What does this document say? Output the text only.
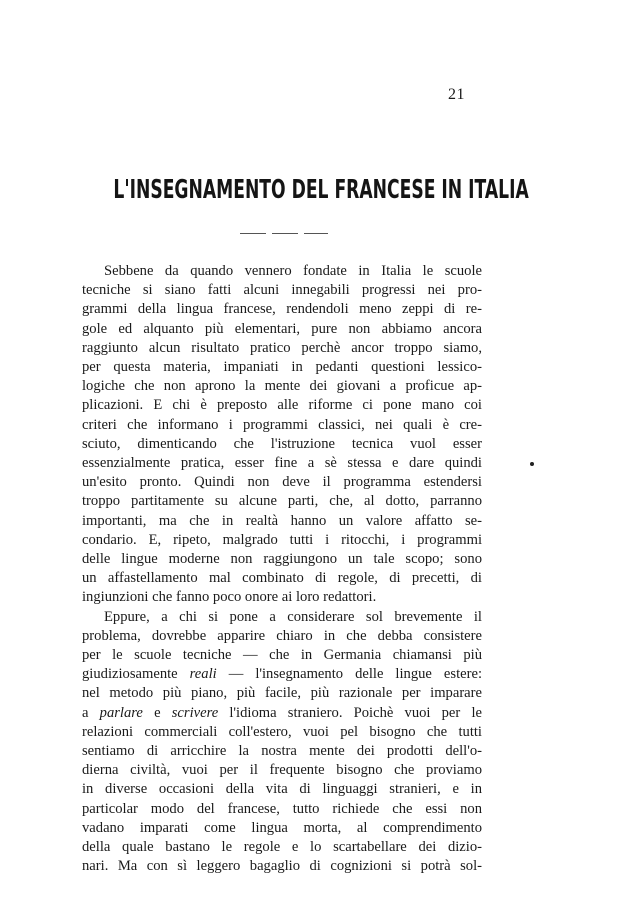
21
L'INSEGNAMENTO DEL FRANCESE IN ITALIA
Sebbene da quando vennero fondate in Italia le scuole
tecniche si siano fatti alcuni innegabili progressi nei pro-
grammi della lingua francese, rendendoli meno zeppi di re-
gole ed alquanto più elementari, pure non abbiamo ancora
raggiunto alcun risultato pratico perchè ancor troppo siamo,
per questa materia, impaniati in pedanti questioni lessico-
logiche che non aprono la mente dei giovani a proficue ap-
plicazioni. E chi è preposto alle riforme ci pone mano coi
criteri che informano i programmi classici, nei quali è cre-
sciuto, dimenticando che l'istruzione tecnica vuol esser
essenzialmente pratica, esser fine a sè stessa e dare quindi
un'esito pronto. Quindi non deve il programma estendersi
troppo partitamente su alcune parti, che, al dotto, parranno
importanti, ma che in realtà hanno un valore affatto se-
condario. E, ripeto, malgrado tutti i ritocchi, i programmi
delle lingue moderne non raggiungono un tale scopo; sono
un affastellamento mal combinato di regole, di precetti, di
ingiunzioni che fanno poco onore ai loro redattori.
Eppure, a chi si pone a considerare sol brevemente il
problema, dovrebbe apparire chiaro in che debba consistere
per le scuole tecniche — che in Germania chiamansi più
giudiziosamente reali — l'insegnamento delle lingue estere:
nel metodo più piano, più facile, più razionale per imparare
a parlare e scrivere l'idioma straniero. Poichè vuoi per le
relazioni commerciali coll'estero, vuoi pel bisogno che tutti
sentiamo di arricchire la nostra mente dei prodotti dell'o-
dierna civiltà, vuoi per il frequente bisogno che proviamo
in diverse occasioni della vita di linguaggi stranieri, e in
particolar modo del francese, tutto richiede che essi non
vadano imparati come lingua morta, al comprendimento
della quale bastano le regole e lo scartabellare dei dizio-
nari. Ma con sì leggero bagaglio di cognizioni si potrà sol-
